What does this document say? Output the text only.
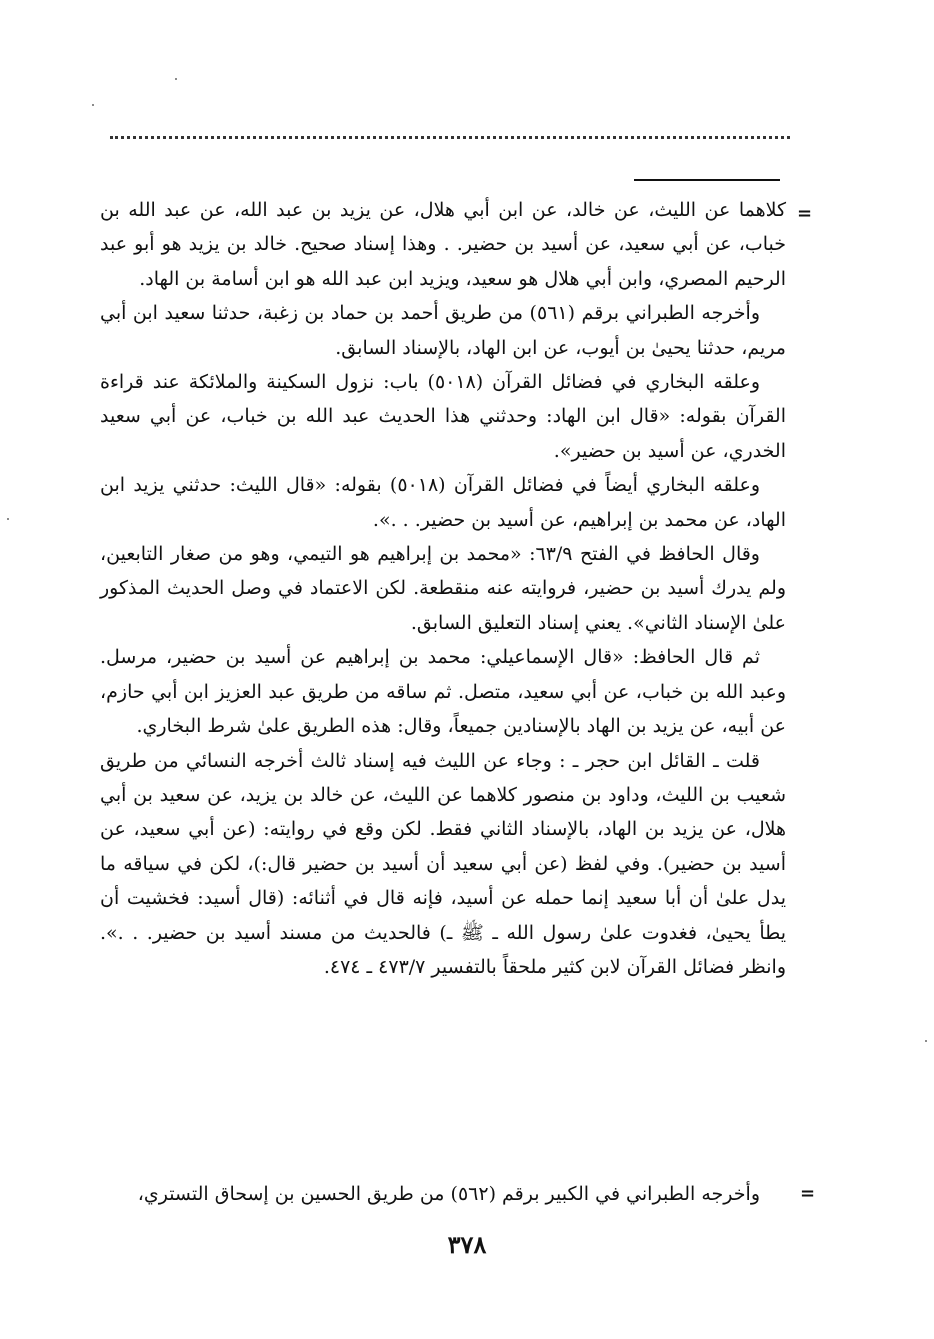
=

كلاهما عن الليث، عن خالد، عن ابن أبي هلال، عن يزيد بن عبد الله، عن عبد الله بن خباب، عن أبي سعيد، عن أسيد بن حضير. . وهذا إسناد صحيح. خالد بن يزيد هو أبو عبد الرحيم المصري، وابن أبي هلال هو سعيد، ويزيد ابن عبد الله هو ابن أسامة بن الهاد.

وأخرجه الطبراني برقم (٥٦١) من طريق أحمد بن حماد بن زغبة، حدثنا سعيد ابن أبي مريم، حدثنا يحيىٰ بن أيوب، عن ابن الهاد، بالإسناد السابق.

وعلقه البخاري في فضائل القرآن (٥٠١٨) باب: نزول السكينة والملائكة عند قراءة القرآن بقوله: «قال ابن الهاد: وحدثني هذا الحديث عبد الله بن خباب، عن أبي سعيد الخدري، عن أسيد بن حضير».

وعلقه البخاري أيضاً في فضائل القرآن (٥٠١٨) بقوله: «قال الليث: حدثني يزيد ابن الهاد، عن محمد بن إبراهيم، عن أسيد بن حضير. . .».

وقال الحافظ في الفتح ٦٣/٩: «محمد بن إبراهيم هو التيمي، وهو من صغار التابعين، ولم يدرك أسيد بن حضير، فروايته عنه منقطعة. لكن الاعتماد في وصل الحديث المذكور علىٰ الإسناد الثاني». يعني إسناد التعليق السابق.

ثم قال الحافظ: «قال الإسماعيلي: محمد بن إبراهيم عن أسيد بن حضير، مرسل. وعبد الله بن خباب، عن أبي سعيد، متصل. ثم ساقه من طريق عبد العزيز ابن أبي حازم، عن أبيه، عن يزيد بن الهاد بالإسنادين جميعاً، وقال: هذه الطريق علىٰ شرط البخاري.

قلت ـ القائل ابن حجر ـ : وجاء عن الليث فيه إسناد ثالث أخرجه النسائي من طريق شعيب بن الليث، وداود بن منصور كلاهما عن الليث، عن خالد بن يزيد، عن سعيد بن أبي هلال، عن يزيد بن الهاد، بالإسناد الثاني فقط. لكن وقع في روايته: (عن أبي سعيد، عن أسيد بن حضير). وفي لفظ (عن أبي سعيد أن أسيد بن حضير قال:)، لكن في سياقه ما يدل علىٰ أن أبا سعيد إنما حمله عن أسيد، فإنه قال في أثنائه: (قال أسيد: فخشيت أن يطأ يحيىٰ، فغدوت علىٰ رسول الله ـ ﷺ ـ) فالحديث من مسند أسيد بن حضير. . .». وانظر فضائل القرآن لابن كثير ملحقاً بالتفسير ٤٧٣/٧ ـ ٤٧٤.

وأخرجه الطبراني في الكبير برقم (٥٦٢) من طريق الحسين بن إسحاق التستري،	=
٣٧٨
